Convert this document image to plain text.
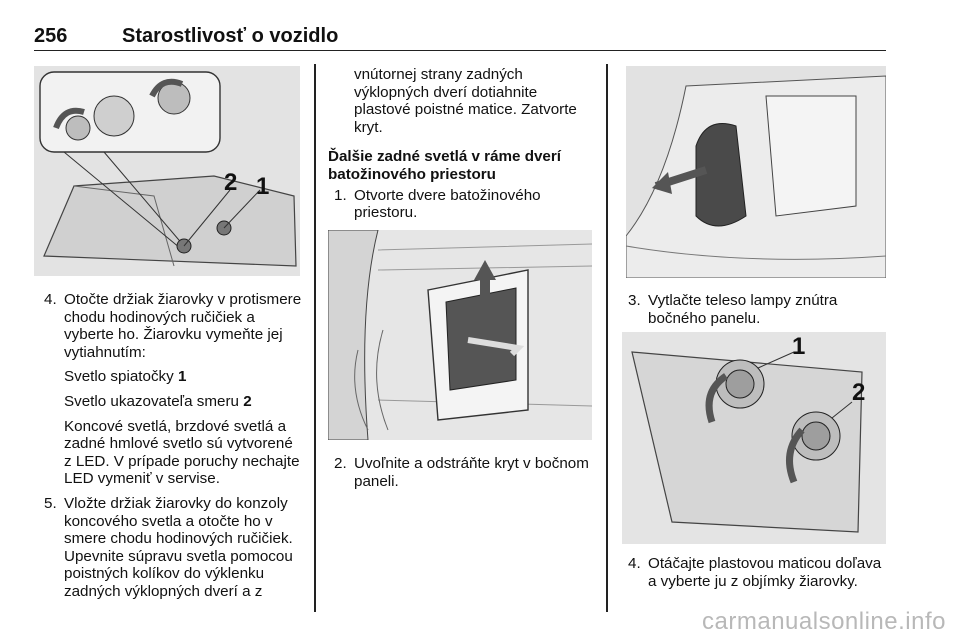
256	Starostlivosť o vozidlo
2 1
4. Otočte držiak žiarovky v protismere chodu hodinových ručičiek a vyberte ho. Žiarovku vymeňte jej vytiahnutím:
Svetlo spiatočky 1
Svetlo ukazovateľa smeru 2
Koncové svetlá, brzdové svetlá a zadné hmlové svetlo sú vytvorené z LED. V prípade poruchy nechajte LED vymeniť v servise.
5. Vložte držiak žiarovky do konzoly koncového svetla a otočte ho v smere chodu hodinových ručičiek. Upevnite súpravu svetla pomocou poistných kolíkov do výklenku zadných výklopných dverí a z
vnútornej strany zadných výklopných dverí dotiahnite plastové poistné matice. Zatvorte kryt.
Ďalšie zadné svetlá v ráme dverí batožinového priestoru
1. Otvorte dvere batožinového priestoru.
2. Uvoľnite a odstráňte kryt v bočnom paneli.
3. Vytlačte teleso lampy znútra bočného panelu.
1
2
4. Otáčajte plastovou maticou doľava a vyberte ju z objímky žiarovky.
carmanualsonline.info
